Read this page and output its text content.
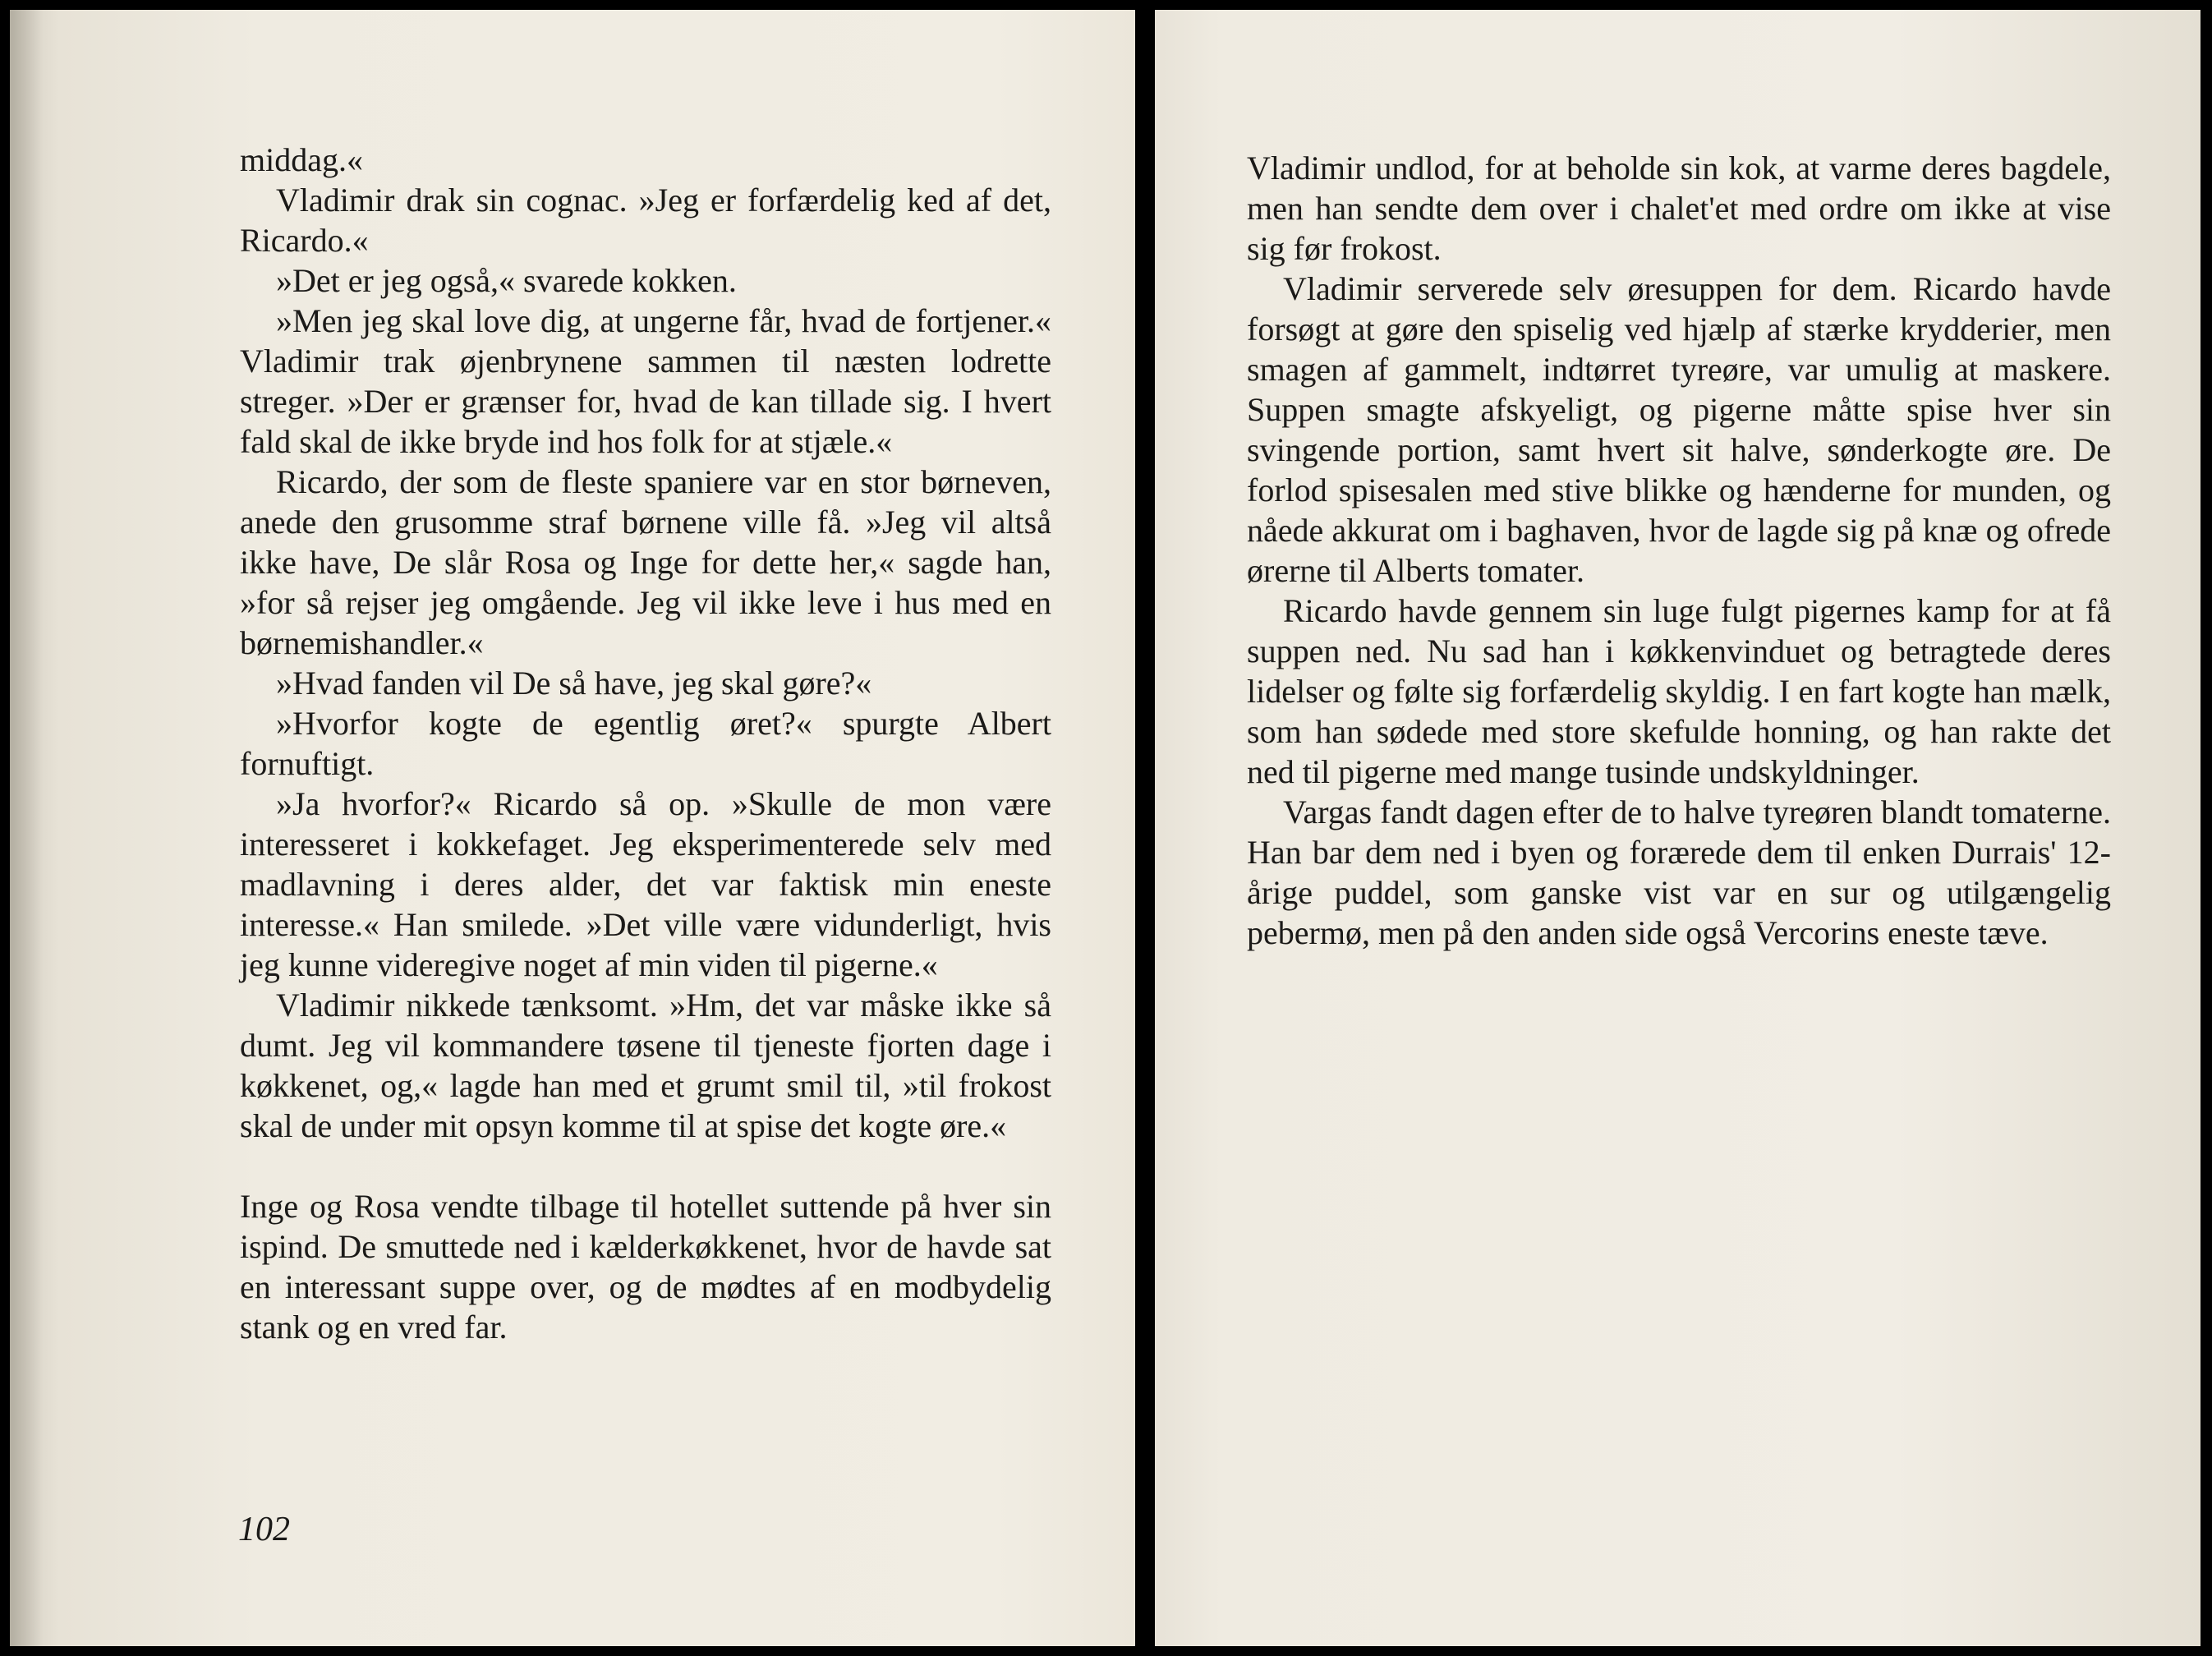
middag.«

Vladimir drak sin cognac. »Jeg er forfærdelig ked af det, Ricardo.«

»Det er jeg også,« svarede kokken.

»Men jeg skal love dig, at ungerne får, hvad de fortjener.« Vladimir trak øjenbrynene sammen til næsten lodrette streger. »Der er grænser for, hvad de kan tillade sig. I hvert fald skal de ikke bryde ind hos folk for at stjæle.«

Ricardo, der som de fleste spaniere var en stor børneven, anede den grusomme straf børnene ville få. »Jeg vil altså ikke have, De slår Rosa og Inge for dette her,« sagde han, »for så rejser jeg omgående. Jeg vil ikke leve i hus med en børnemishandler.«

»Hvad fanden vil De så have, jeg skal gøre?«

»Hvorfor kogte de egentlig øret?« spurgte Albert fornuftigt.

»Ja hvorfor?« Ricardo så op. »Skulle de mon være interesseret i kokkefaget. Jeg eksperimenterede selv med madlavning i deres alder, det var faktisk min eneste interesse.« Han smilede. »Det ville være vidunderligt, hvis jeg kunne videregive noget af min viden til pigerne.«

Vladimir nikkede tænksomt. »Hm, det var måske ikke så dumt. Jeg vil kommandere tøsene til tjeneste fjorten dage i køkkenet, og,« lagde han med et grumt smil til, »til frokost skal de under mit opsyn komme til at spise det kogte øre.«

Inge og Rosa vendte tilbage til hotellet suttende på hver sin ispind. De smuttede ned i kælderkøkkenet, hvor de havde sat en interessant suppe over, og de mødtes af en modbydelig stank og en vred far.

102

Vladimir undlod, for at beholde sin kok, at varme deres bagdele, men han sendte dem over i chalet'et med ordre om ikke at vise sig før frokost.

Vladimir serverede selv øresuppen for dem. Ricardo havde forsøgt at gøre den spiselig ved hjælp af stærke krydderier, men smagen af gammelt, indtørret tyreøre, var umulig at maskere. Suppen smagte afskyeligt, og pigerne måtte spise hver sin svingende portion, samt hvert sit halve, sønderkogte øre. De forlod spisesalen med stive blikke og hænderne for munden, og nåede akkurat om i baghaven, hvor de lagde sig på knæ og ofrede ørerne til Alberts tomater.

Ricardo havde gennem sin luge fulgt pigernes kamp for at få suppen ned. Nu sad han i køkkenvinduet og betragtede deres lidelser og følte sig forfærdelig skyldig. I en fart kogte han mælk, som han sødede med store skefulde honning, og han rakte det ned til pigerne med mange tusinde undskyldninger.

Vargas fandt dagen efter de to halve tyreøren blandt tomaterne. Han bar dem ned i byen og forærede dem til enken Durrais' 12-årige puddel, som ganske vist var en sur og utilgængelig pebermø, men på den anden side også Vercorins eneste tæve.
